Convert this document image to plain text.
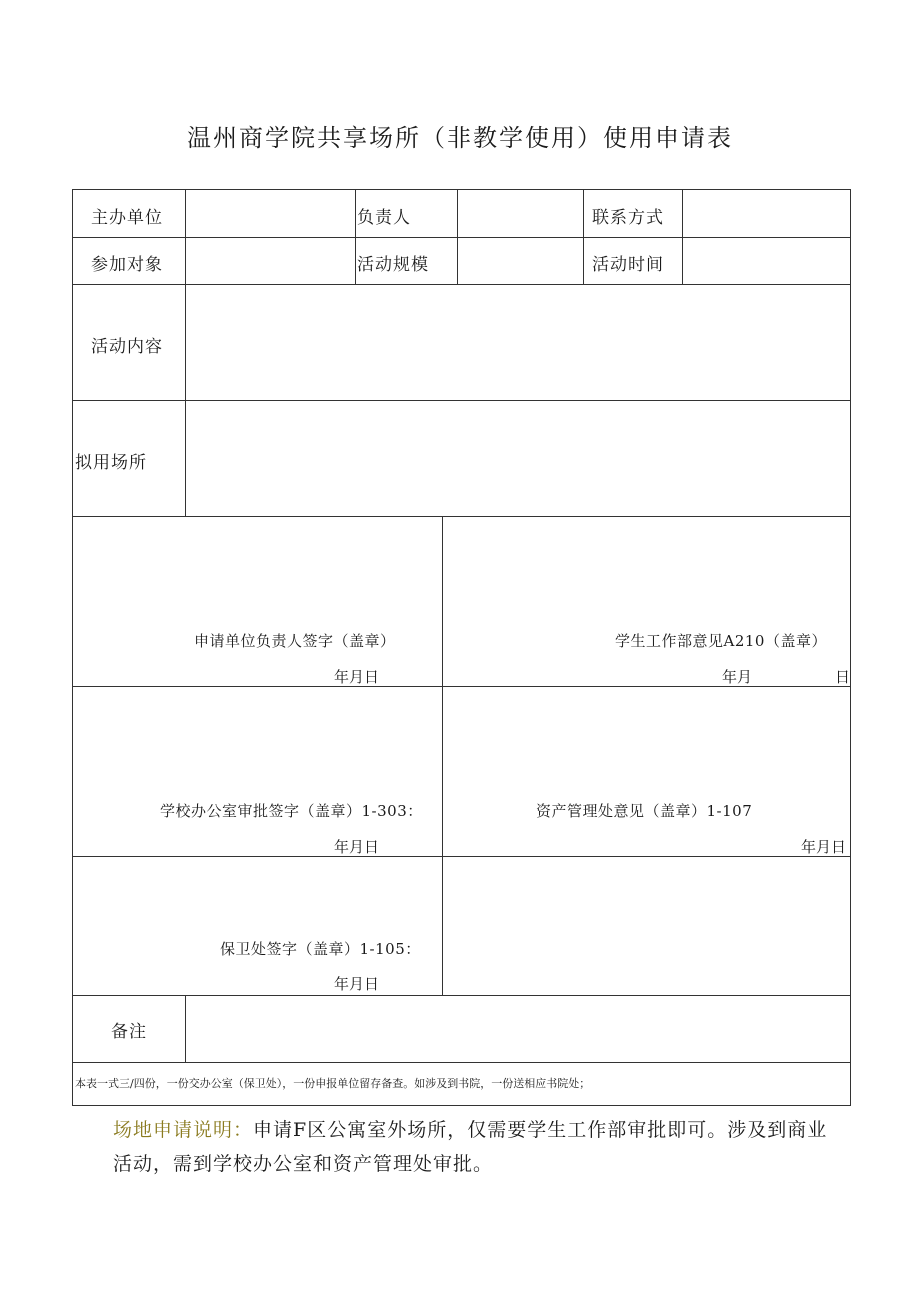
温州商学院共享场所（非教学使用）使用申请表
主办单位	负责人	联系方式
参加对象	活动规模	活动时间
活动内容
拟用场所
申请单位负责人签字（盖章）
年月日
学生工作部意见A210（盖章）
年月	日
学校办公室审批签字（盖章）1-303：
年月日
资产管理处意见（盖章）1-107
年月日
保卫处签字（盖章）1-105：
年月日
备注
本表一式三/四份，一份交办公室（保卫处），一份申报单位留存备查。如涉及到书院，一份送相应书院处；
场地申请说明：申请F区公寓室外场所，仅需要学生工作部审批即可。涉及到商业活动，需到学校办公室和资产管理处审批。
